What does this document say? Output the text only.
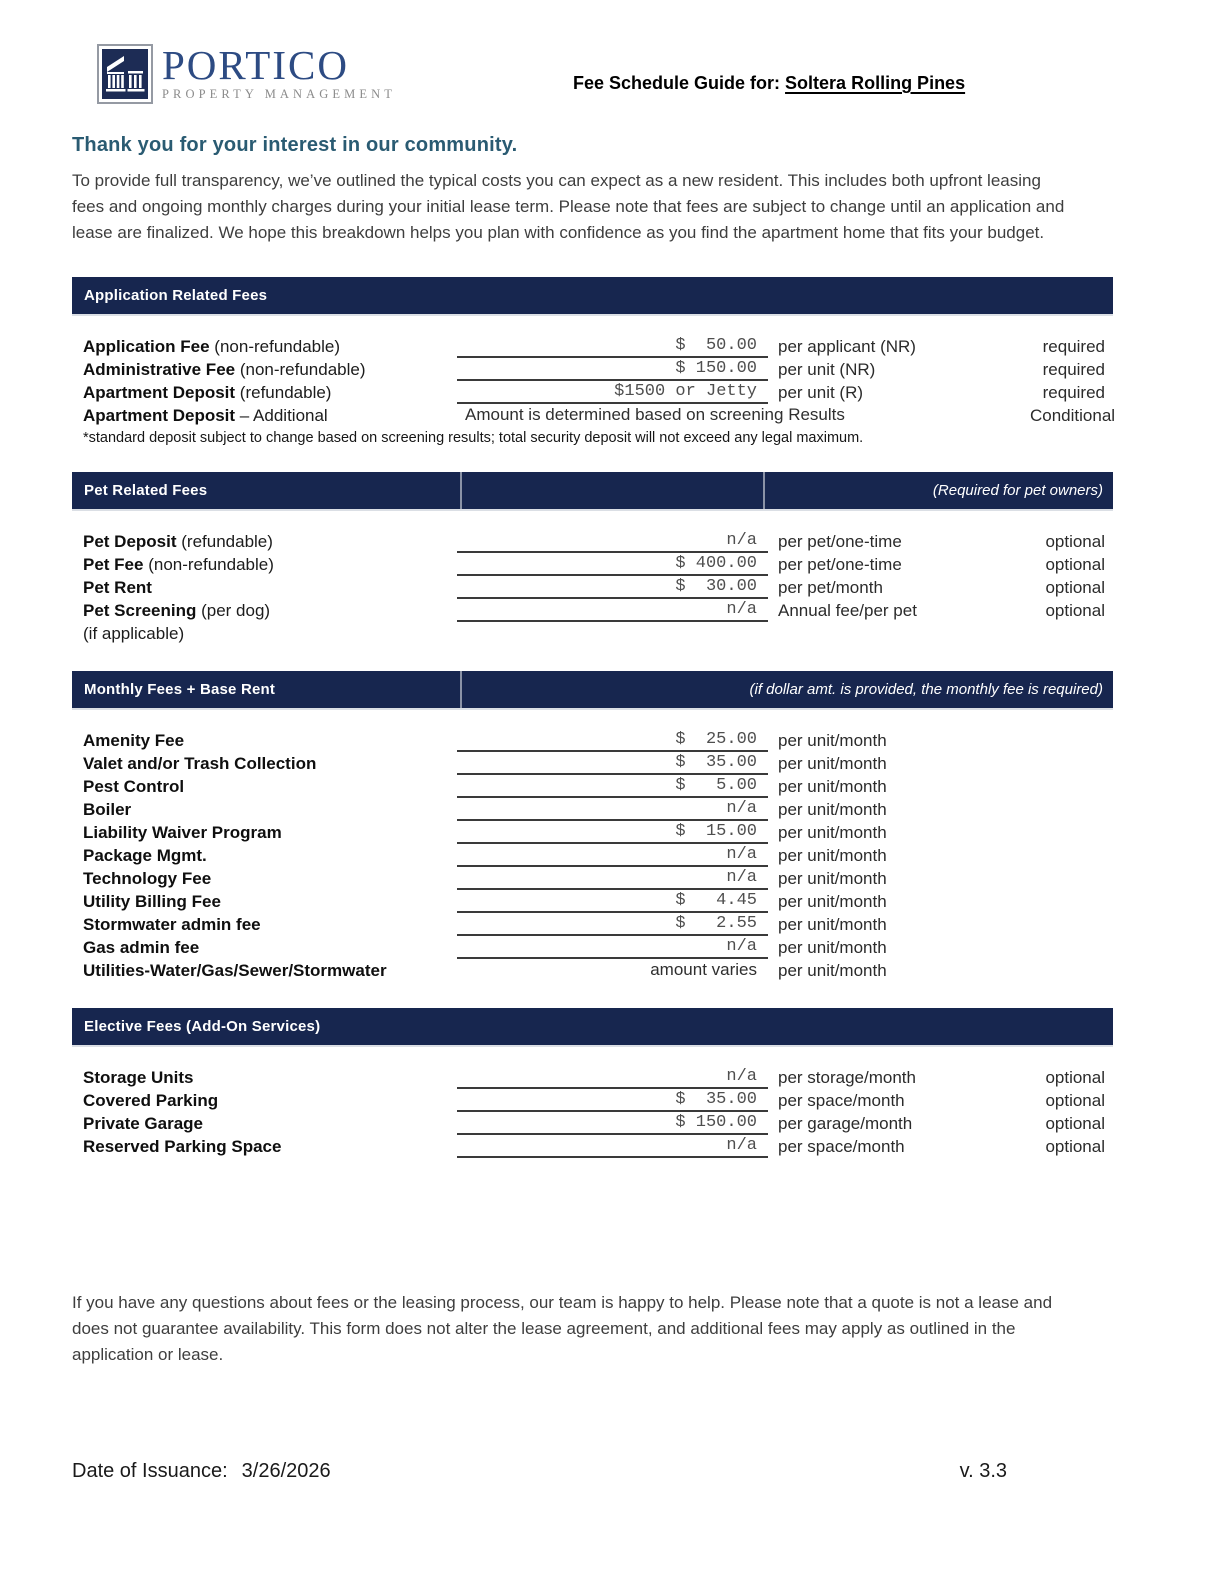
PORTICO
PROPERTY MANAGEMENT
Fee Schedule Guide for: Soltera Rolling Pines
Thank you for your interest in our community.

To provide full transparency, we’ve outlined the typical costs you can expect as a new resident. This includes both upfront leasing fees and ongoing monthly charges during your initial lease term. Please note that fees are subject to change until an application and lease are finalized. We hope this breakdown helps you plan with confidence as you find the apartment home that fits your budget.

Application Related Fees
Application Fee (non-refundable)	$  50.00	per applicant (NR)	required
Administrative Fee (non-refundable)	$ 150.00	per unit (NR)	required
Apartment Deposit (refundable)	$1500 or Jetty	per unit (R)	required
Apartment Deposit – Additional	Amount is determined based on screening Results	Conditional
*standard deposit subject to change based on screening results; total security deposit will not exceed any legal maximum.
Pet Related Fees	(Required for pet owners)
Pet Deposit (refundable)	n/a	per pet/one-time	optional
Pet Fee (non-refundable)	$ 400.00	per pet/one-time	optional
Pet Rent	$  30.00	per pet/month	optional
Pet Screening (per dog)	n/a	Annual fee/per pet	optional
(if applicable)
Monthly Fees + Base Rent	(if dollar amt. is provided, the monthly fee is required)
Amenity Fee	$  25.00	per unit/month
Valet and/or Trash Collection	$  35.00	per unit/month
Pest Control	$   5.00	per unit/month
Boiler	n/a	per unit/month
Liability Waiver Program	$  15.00	per unit/month
Package Mgmt.	n/a	per unit/month
Technology Fee	n/a	per unit/month
Utility Billing Fee	$   4.45	per unit/month
Stormwater admin fee	$   2.55	per unit/month
Gas admin fee	n/a	per unit/month
Utilities-Water/Gas/Sewer/Stormwater	amount varies	per unit/month
Elective Fees (Add-On Services)
Storage Units	n/a	per storage/month	optional
Covered Parking	$  35.00	per space/month	optional
Private Garage	$ 150.00	per garage/month	optional
Reserved Parking Space	n/a	per space/month	optional

If you have any questions about fees or the leasing process, our team is happy to help. Please note that a quote is not a lease and does not guarantee availability. This form does not alter the lease agreement, and additional fees may apply as outlined in the application or lease.

Date of Issuance: 3/26/2026	v. 3.3
